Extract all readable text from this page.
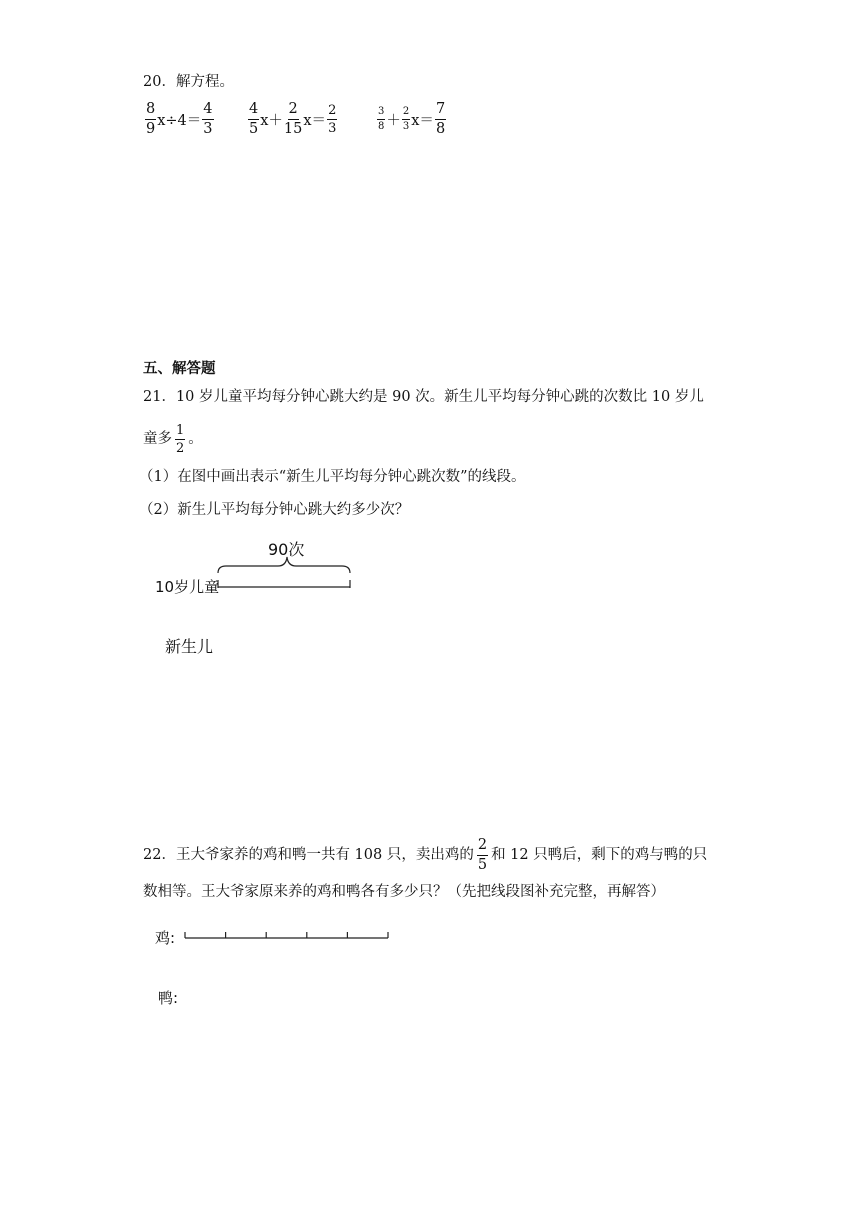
20．解方程。
$\frac{8}{9} x\div 4= \frac{4}{3} \frac{4}{5} x+ \frac{2}{15} x= \frac{2}{3}$	$\frac{3}{8} + \frac{2}{3} x= \frac{7}{8}$
五、解答题
21．10 岁儿童平均每分钟心跳大约是 90 次。新生儿平均每分钟心跳的次数比 10 岁儿
童多 $\frac{1}{2}$ 。
（1）在图中画出表示“新生儿平均每分钟心跳次数”的线段。
（2）新生儿平均每分钟心跳大约多少次？
90次
10岁儿童
新生儿
22．王大爷家养的鸡和鸭一共有 108 只，卖出鸡的 $\frac{2}{5}$ 和 12 只鸭后，剩下的鸡与鸭的只
数相等。王大爷家原来养的鸡和鸭各有多少只？（先把线段图补充完整，再解答）
鸡:
鸭:
